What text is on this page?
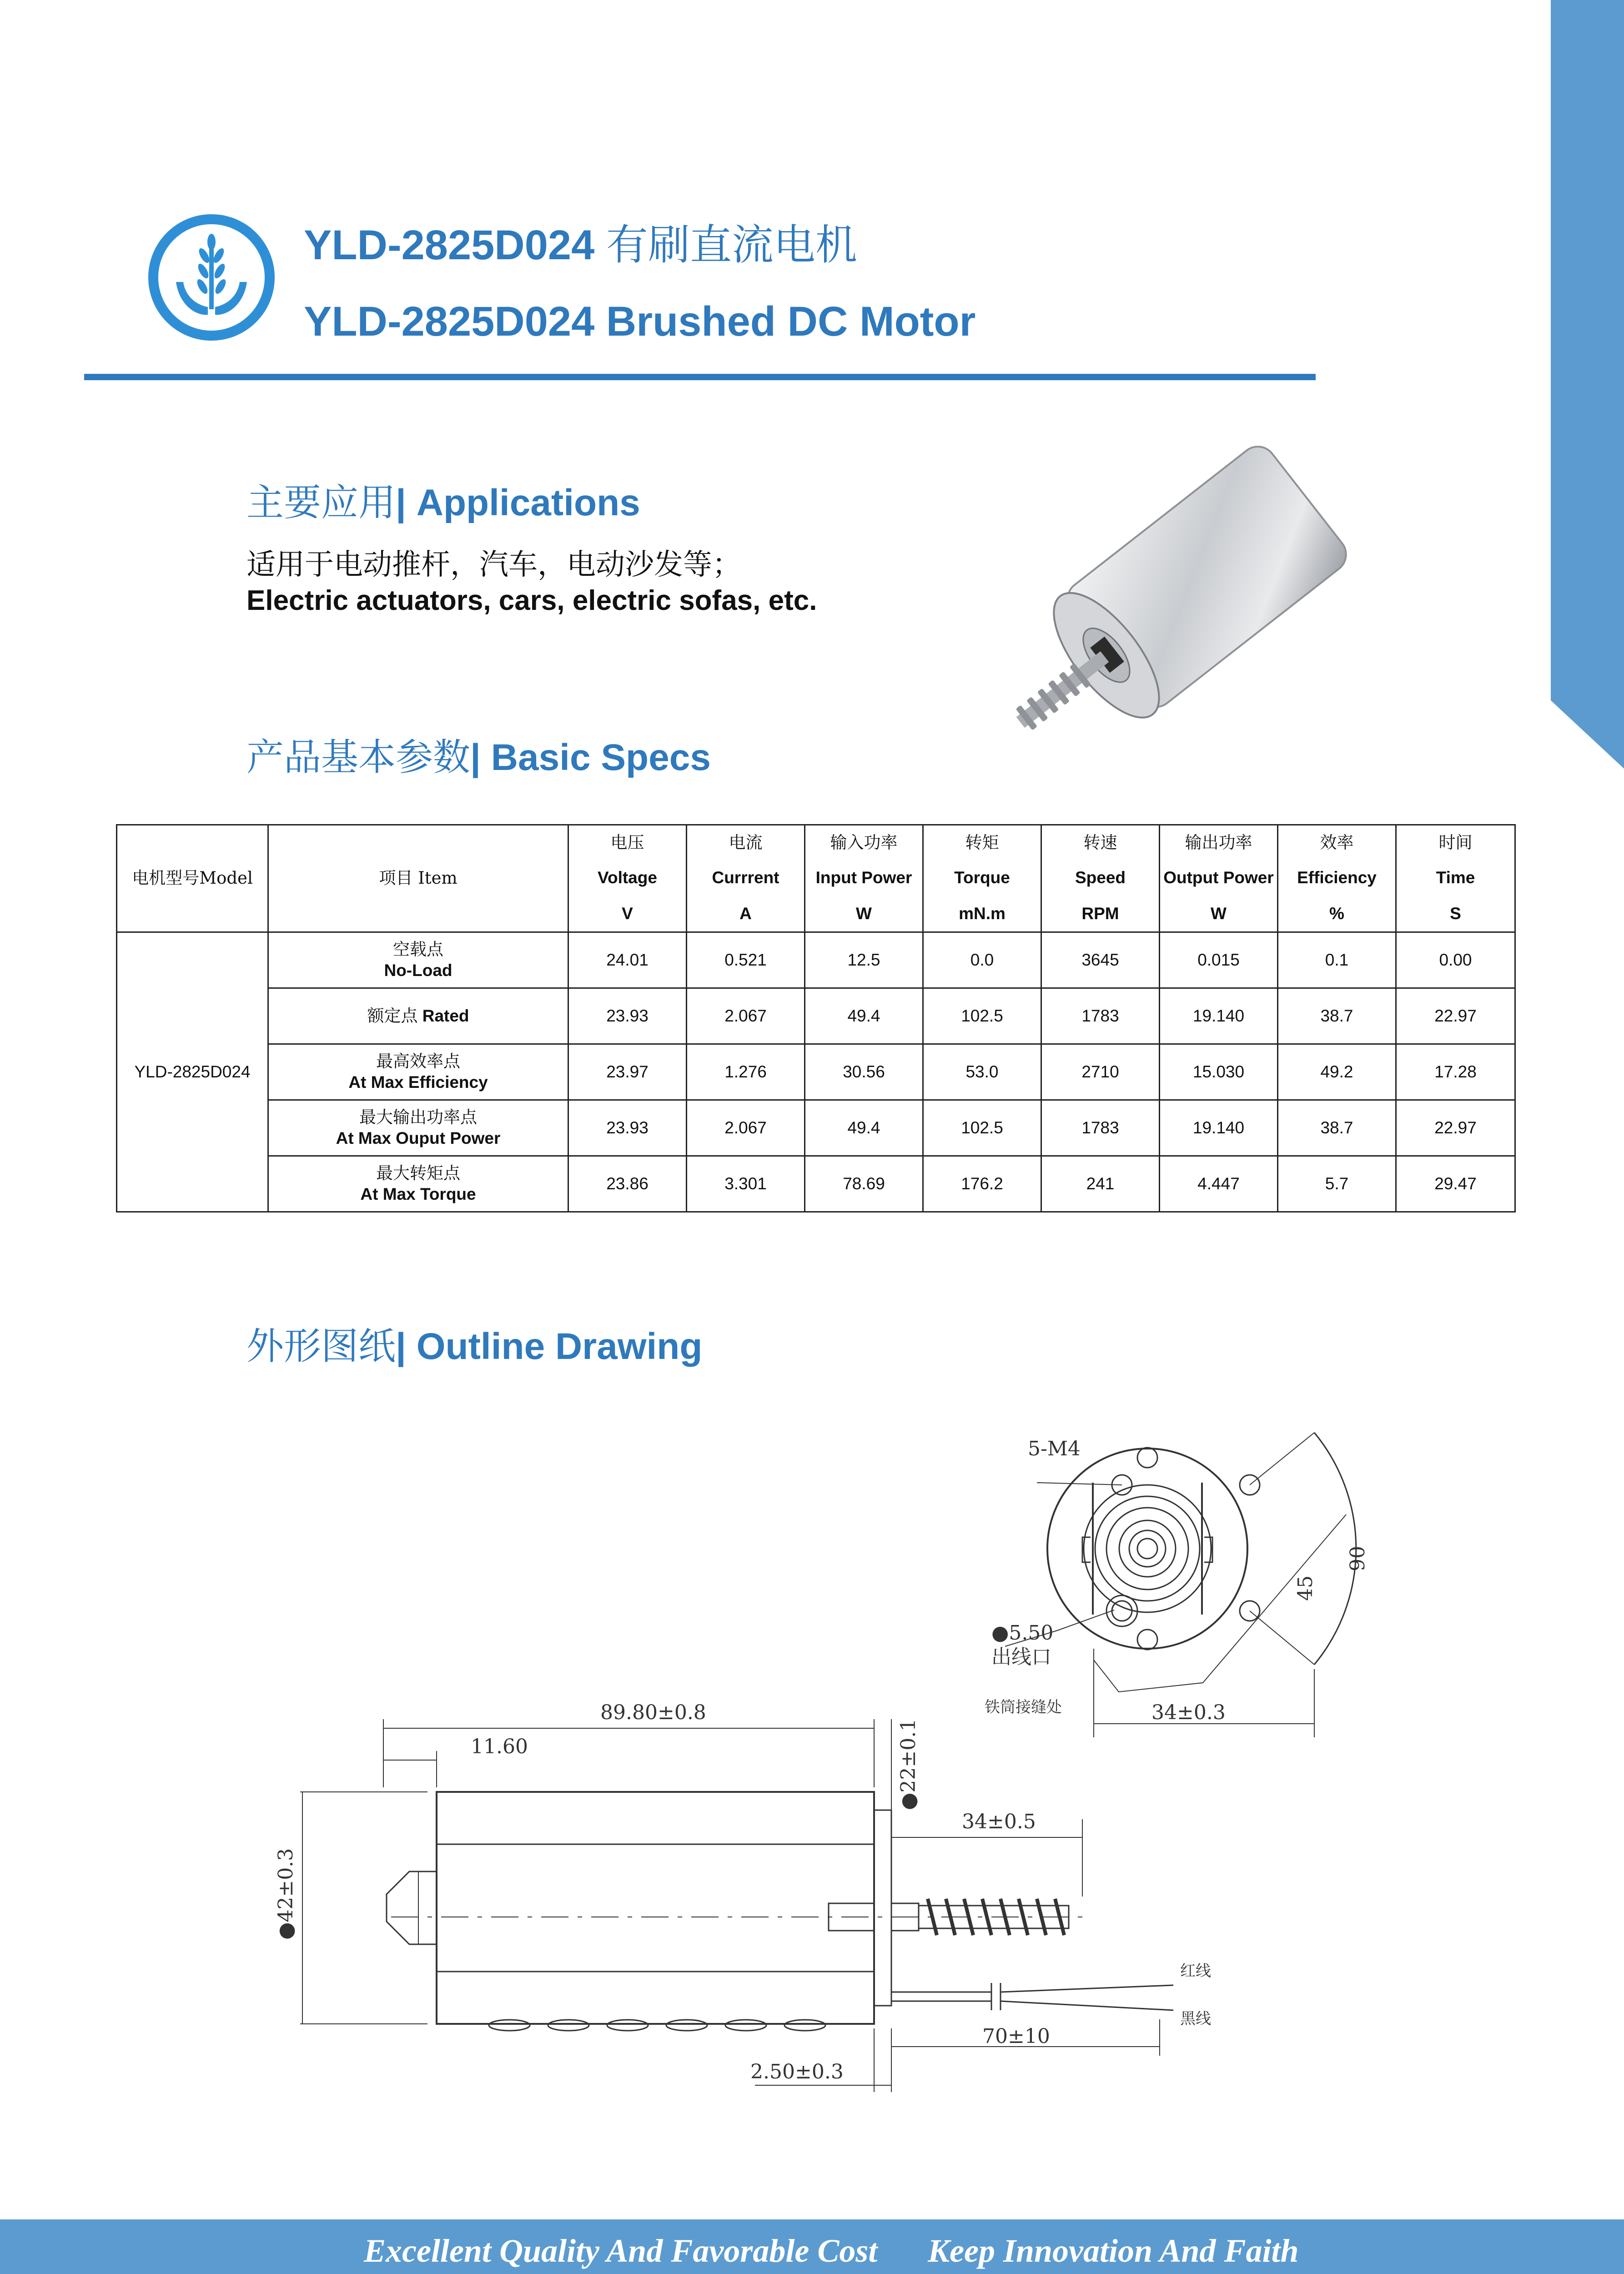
YLD-2825D024 有刷直流电机
YLD-2825D024 Brushed DC Motor
主要应用| Applications
适用于电动推杆，汽车，电动沙发等；
Electric actuators, cars, electric sofas, etc.
产品基本参数| Basic Specs
电机型号Model	项目 Item	电压	电流	输入功率	转矩	转速	输出功率	效率	时间
		Voltage	Currrent	Input Power	Torque	Speed	Output Power	Efficiency	Time
		V	A	W	mN.m	RPM	W	%	S
YLD-2825D024	空载点
No-Load	24.01	0.521	12.5	0.0	3645	0.015	0.1	0.00
	额定点 Rated	23.93	2.067	49.4	102.5	1783	19.140	38.7	22.97
	最高效率点
At Max Efficiency	23.97	1.276	30.56	53.0	2710	15.030	49.2	17.28
	最大输出功率点
At Max Ouput Power	23.93	2.067	49.4	102.5	1783	19.140	38.7	22.97
	最大转矩点
At Max Torque	23.86	3.301	78.69	176.2	241	4.447	5.7	29.47
外形图纸| Outline Drawing
5-M4
●5.50
出线口
铁筒接缝处	34±0.3
90
45
89.80±0.8
11.60	●22±0.1
34±0.5
●42±0.3
红线
黑线
70±10
2.50±0.3
Excellent Quality And Favorable Cost Keep Innovation And Faith
